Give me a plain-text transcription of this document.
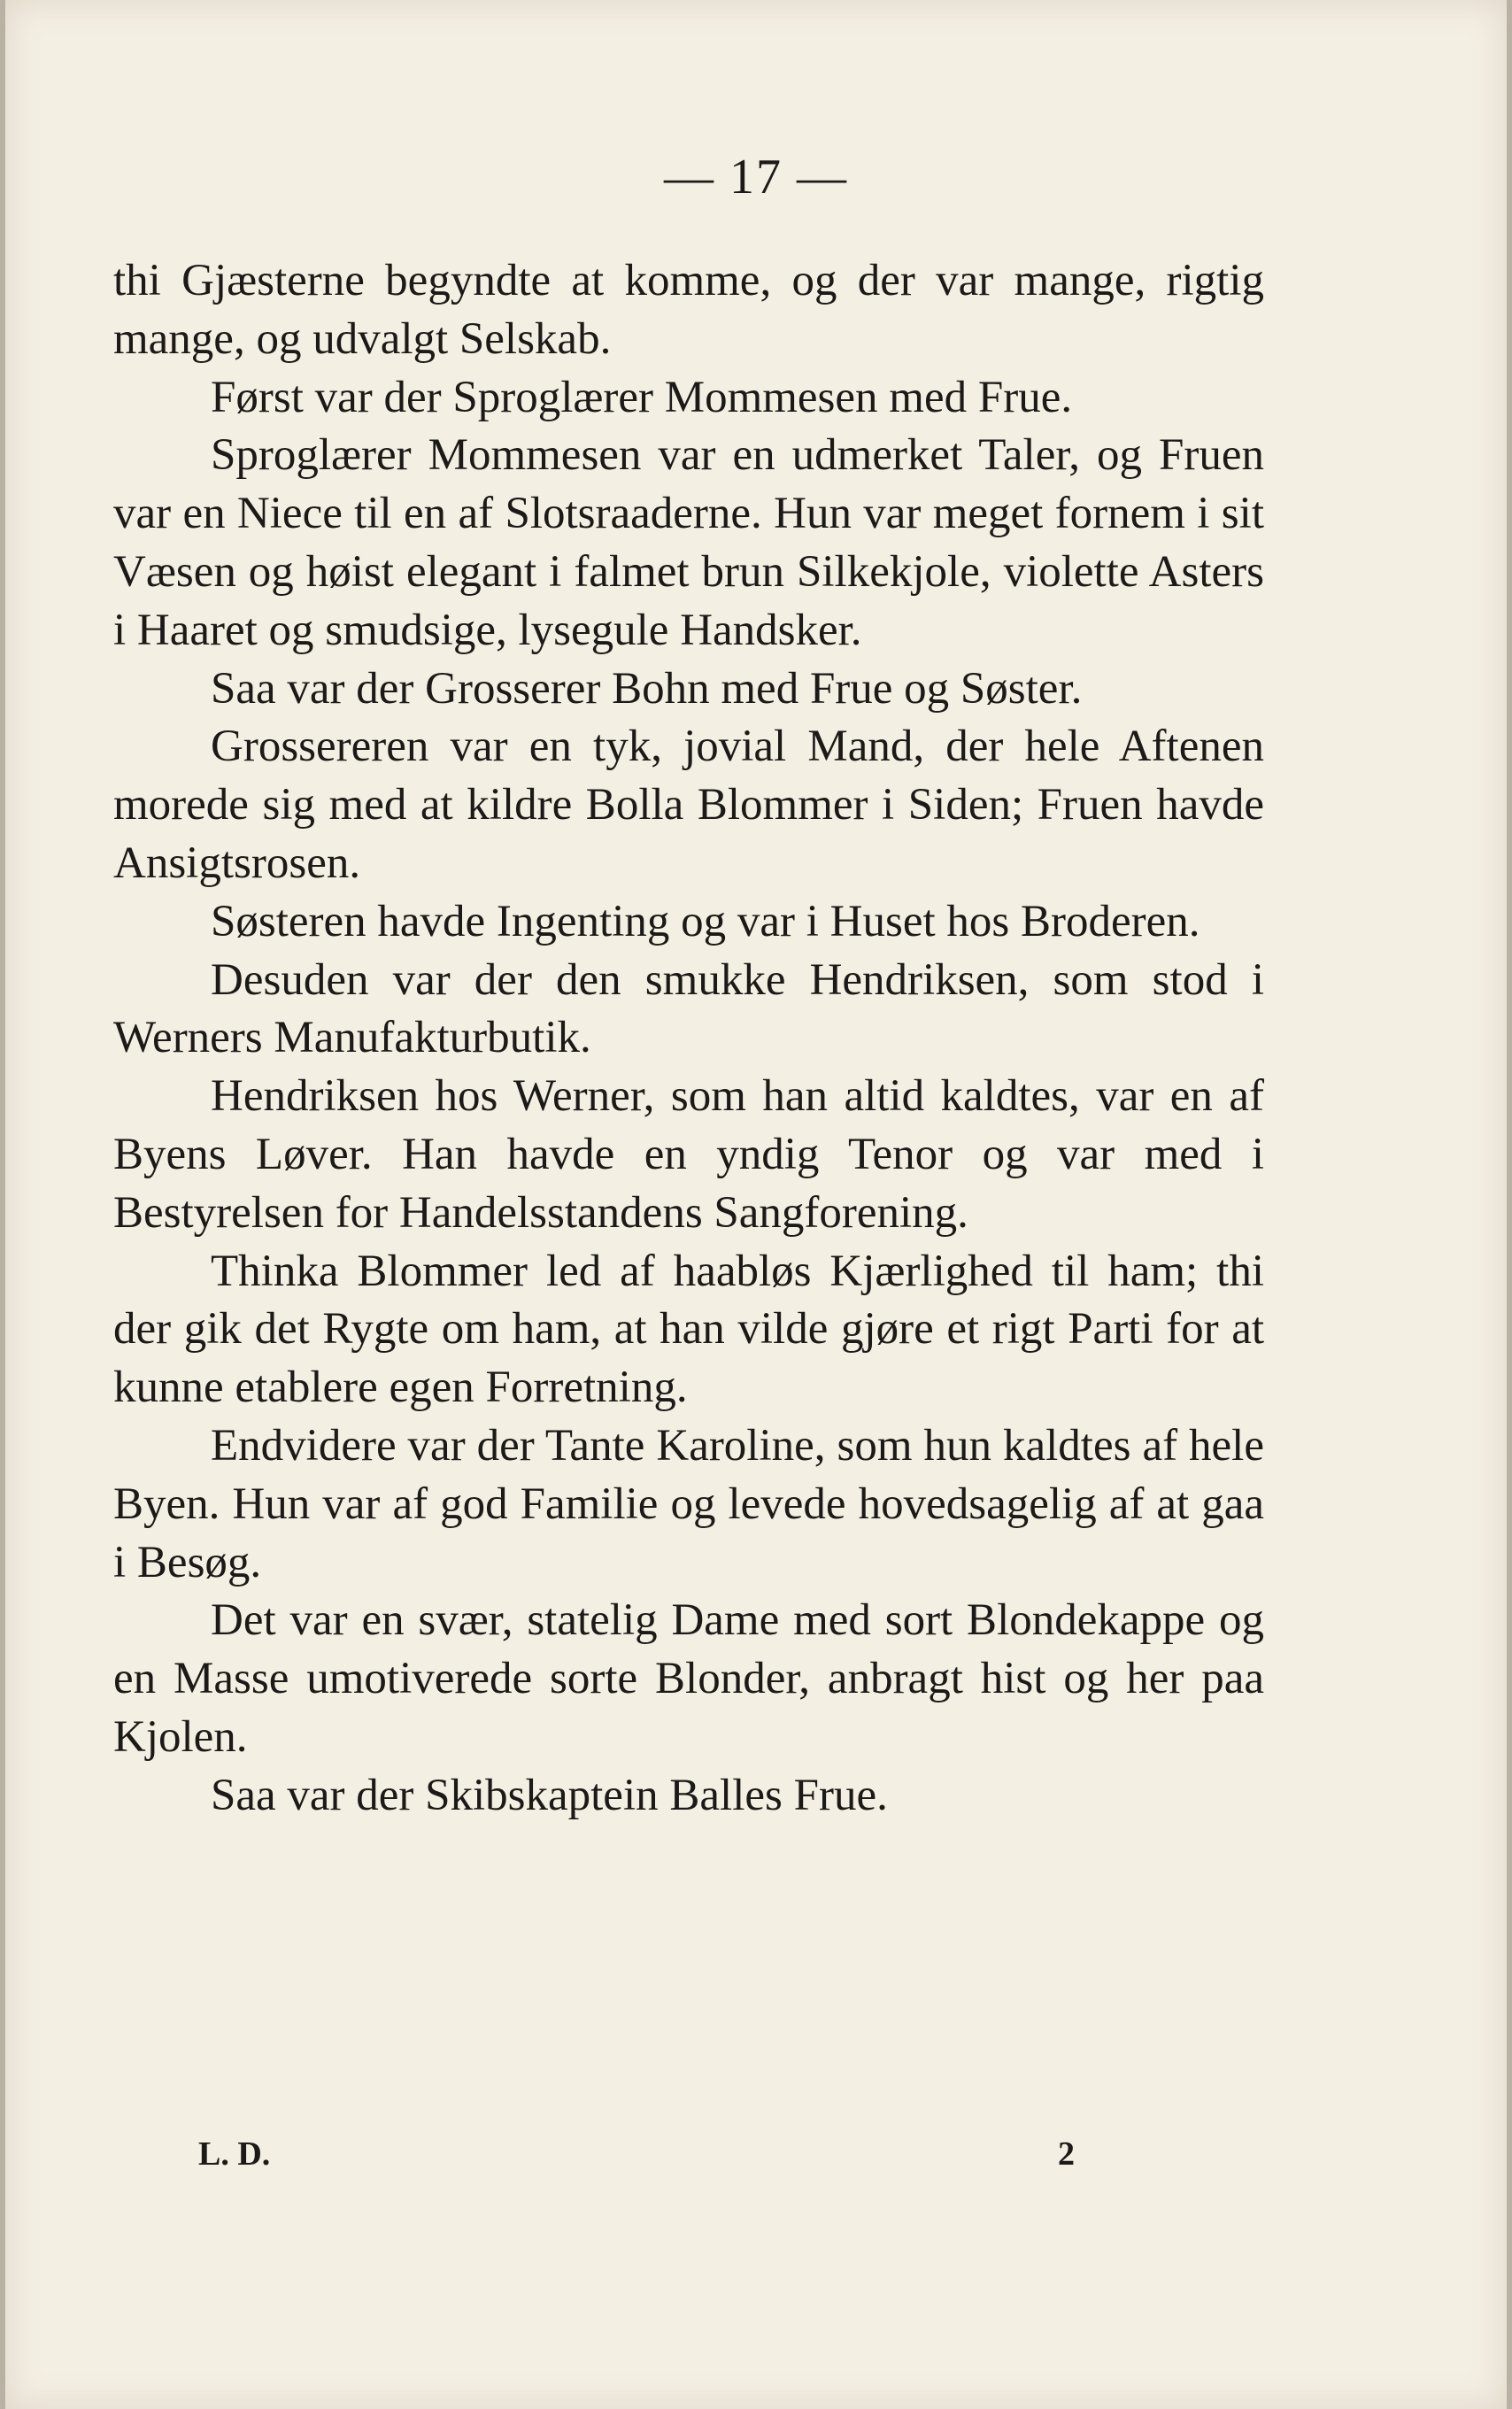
— 17 —

thi Gjæsterne begyndte at komme, og der var mange, rigtig mange, og udvalgt Selskab.

Først var der Sproglærer Mommesen med Frue.

Sproglærer Mommesen var en udmerket Taler, og Fruen var en Niece til en af Slotsraaderne. Hun var meget fornem i sit Væsen og høist elegant i falmet brun Silkekjole, violette Asters i Haaret og smudsige, lysegule Handsker.

Saa var der Grosserer Bohn med Frue og Søster.

Grossereren var en tyk, jovial Mand, der hele Aftenen morede sig med at kildre Bolla Blommer i Siden; Fruen havde Ansigtsrosen.

Søsteren havde Ingenting og var i Huset hos Broderen.

Desuden var der den smukke Hendriksen, som stod i Werners Manufakturbutik.

Hendriksen hos Werner, som han altid kaldtes, var en af Byens Løver. Han havde en yndig Tenor og var med i Bestyrelsen for Handelsstandens Sangforening.

Thinka Blommer led af haabløs Kjærlighed til ham; thi der gik det Rygte om ham, at han vilde gjøre et rigt Parti for at kunne etablere egen Forretning.

Endvidere var der Tante Karoline, som hun kaldtes af hele Byen. Hun var af god Familie og levede hovedsagelig af at gaa i Besøg.

Det var en svær, statelig Dame med sort Blondekappe og en Masse umotiverede sorte Blonder, anbragt hist og her paa Kjolen.

Saa var der Skibskaptein Balles Frue.

L. D.	2
